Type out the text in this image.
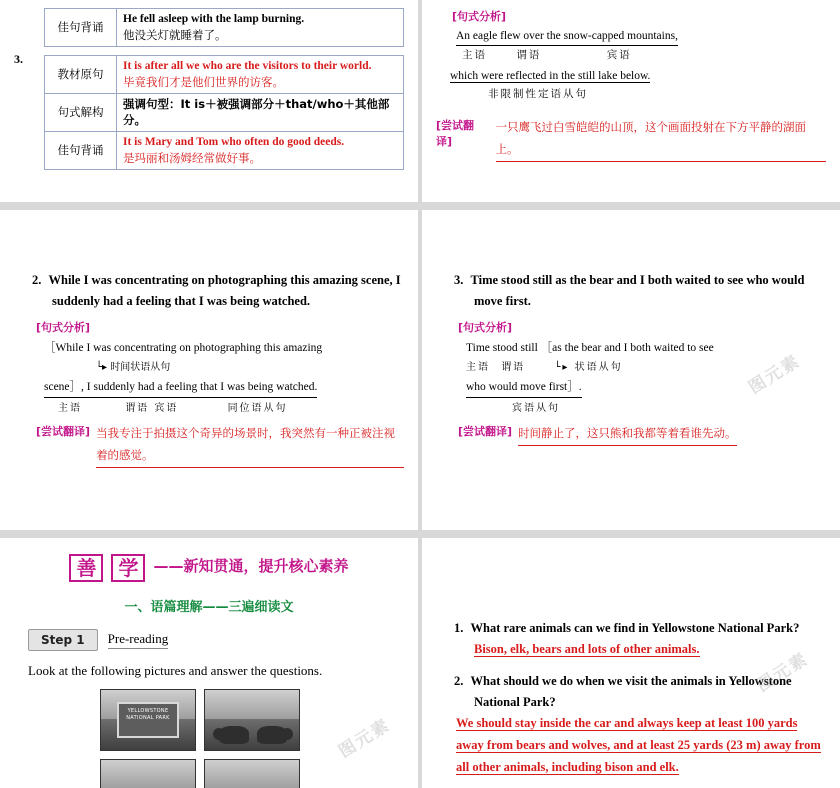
佳句背诵	
He fell asleep with the lamp burning.
他没关灯就睡着了。
3.
教材原句	It is after all we who are the visitors to their world.
毕竟我们才是他们世界的访客。

句式解构	强调句型：It is＋被强调部分＋that/who＋其他部分。
佳句背诵	It is Mary and Tom who often do good deeds.
是玛丽和汤姆经常做好事。
[句式分析]
An eagle flew over the snow-capped mountains,
主语	谓语	宾语
which were reflected in the still lake below.
非限制性定语从句
[尝试翻译]
一只鹰飞过白雪皑皑的山顶，这个画面投射在下方平静的湖面上。
2. While I was concentrating on photographing this amazing scene, I suddenly had a feeling that I was being watched.
[句式分析]
［While I was concentrating on photographing this amazing
└▸ 时间状语从句
scene］, I suddenly had a feeling that I was being watched.
主语	谓语 宾语	同位语从句
[尝试翻译] 当我专注于拍摄这个奇异的场景时，我突然有一种正被注视着的感觉。
3. Time stood still as the bear and I both waited to see who would move first.
[句式分析]
Time stood still ［as the bear and I both waited to see
主语 谓语	└▸ 状语从句
who would move first］.
宾语从句
[尝试翻译] 时间静止了，这只熊和我都等着看谁先动。
图元素
善 学 ——新知贯通，提升核心素养
一、语篇理解——三遍细读文
Step 1	Pre-reading
Look at the following pictures and answer the questions.
YELLOWSTONE NATIONAL PARK	图元素
1. What rare animals can we find in Yellowstone National Park?
Bison, elk, bears and lots of other animals.
2. What should we do when we visit the animals in Yellowstone National Park?
We should stay inside the car and always keep at least 100 yards away from bears and wolves, and at least 25 yards (23 m) away from all other animals, including bison and elk.
图元素
